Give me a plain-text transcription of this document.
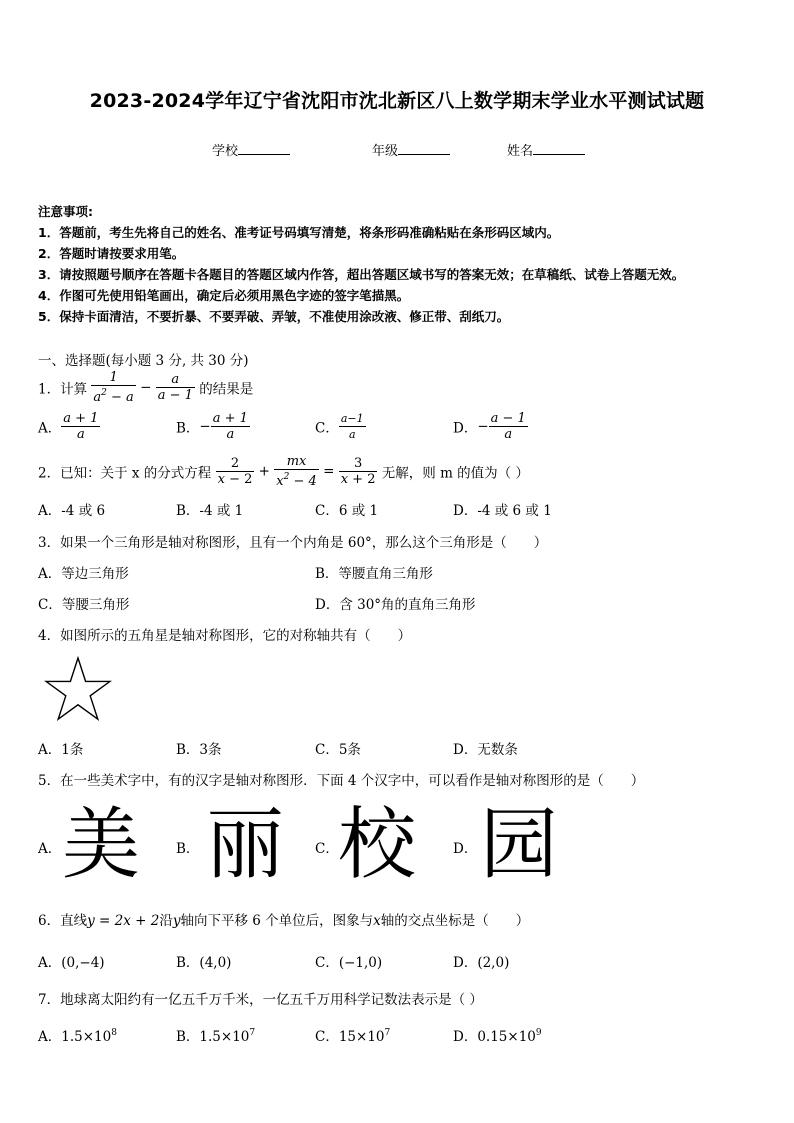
2023-2024学年辽宁省沈阳市沈北新区八上数学期末学业水平测试试题
学校	年级	姓名
注意事项:
1．答题前，考生先将自己的姓名、准考证号码填写清楚，将条形码准确粘贴在条形码区域内。
2．答题时请按要求用笔。
3．请按照题号顺序在答题卡各题目的答题区域内作答，超出答题区域书写的答案无效；在草稿纸、试卷上答题无效。
4．作图可先使用铅笔画出，确定后必须用黑色字迹的签字笔描黑。
5．保持卡面清洁，不要折暴、不要弄破、弄皱，不准使用涂改液、修正带、刮纸刀。
一、选择题(每小题 3 分, 共 30 分)
1．计算 $\frac{1}{a^2 - a} - \frac{a}{a - 1}$ 的结果是
A． $\frac{a + 1}{a}$	B．− $\frac{a + 1}{a}$	C． $\frac{a-1}{a}$	D．− $\frac{a - 1}{a}$
2．已知：关于 x 的分式方程 $\frac{2}{x - 2} + \frac{mx}{x^2 - 4} = \frac{3}{x + 2}$ 无解，则 m 的值为（ ）
A．-4 或 6	B．-4 或 1	C．6 或 1	D．-4 或 6 或 1
3．如果一个三角形是轴对称图形，且有一个内角是 60°，那么这个三角形是（　　）
A．等边三角形	B．等腰直角三角形
C．等腰三角形	D．含 30°角的直角三角形
4．如图所示的五角星是轴对称图形，它的对称轴共有（　　）
A．1条	B．3条	C．5条	D．无数条
5．在一些美术字中，有的汉字是轴对称图形．下面 4 个汉字中，可以看作是轴对称图形的是（　　）
A． 美	B． 丽 C． 校	D． 园
6．直线y = 2x + 2沿y轴向下平移 6 个单位后，图象与x轴的交点坐标是（　　）
A．(0,−4)	B．(4,0)	C．(−1,0)	D．(2,0)
7．地球离太阳约有一亿五千万千米，一亿五千万用科学记数法表示是（ ）
A．$1.5\times 10^8$	B．$1.5\times 10^7$	C．$15\times 10^7$	D．$0.15\times 10^9$
